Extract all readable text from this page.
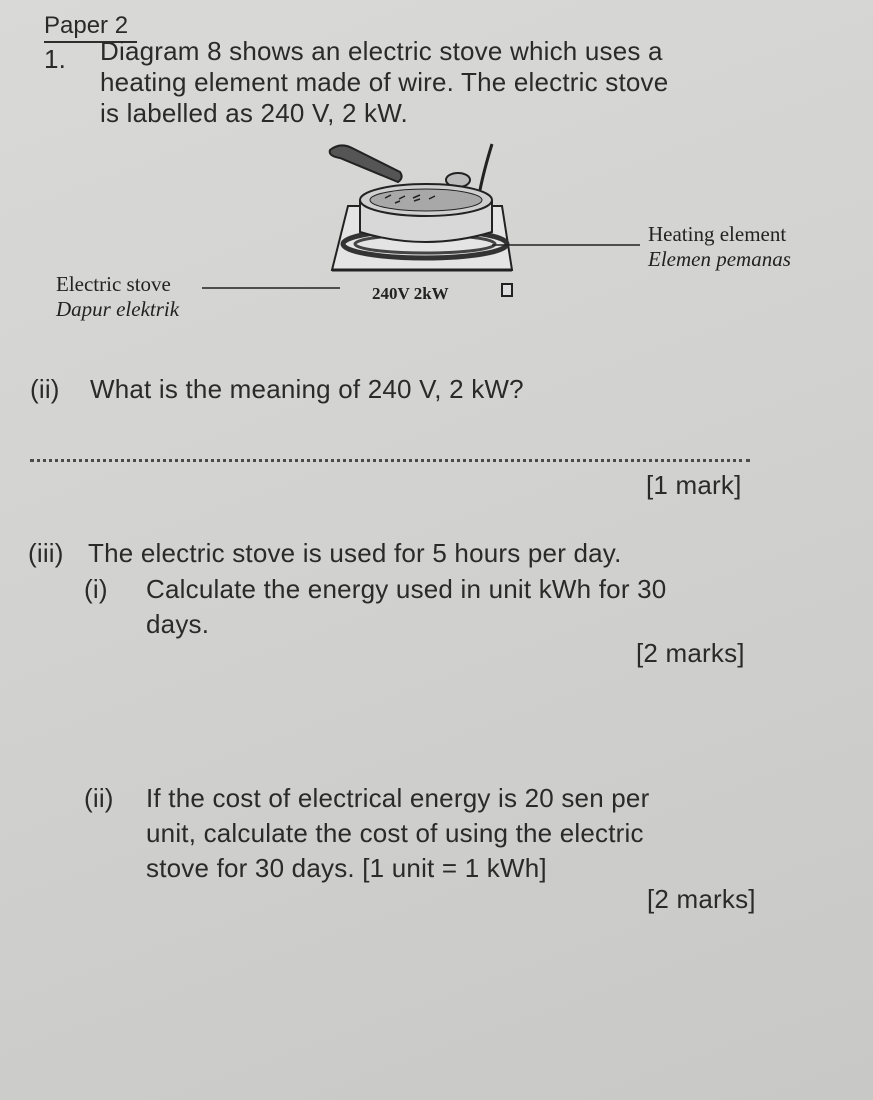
Paper 2
1. Diagram 8 shows an electric stove which uses a
heating element made of wire. The electric stove
is labelled as 240 V, 2 kW.
240V 2kW
Heating element
Elemen pemanas
Electric stove
Dapur elektrik
(ii) What is the meaning of 240 V, 2 kW?
[1 mark]
(iii) The electric stove is used for 5 hours per day.
(i) Calculate the energy used in unit kWh for 30
days.
[2 marks]
(ii) If the cost of electrical energy is 20 sen per
unit, calculate the cost of using the electric
stove for 30 days. [1 unit = 1 kWh]
[2 marks]
